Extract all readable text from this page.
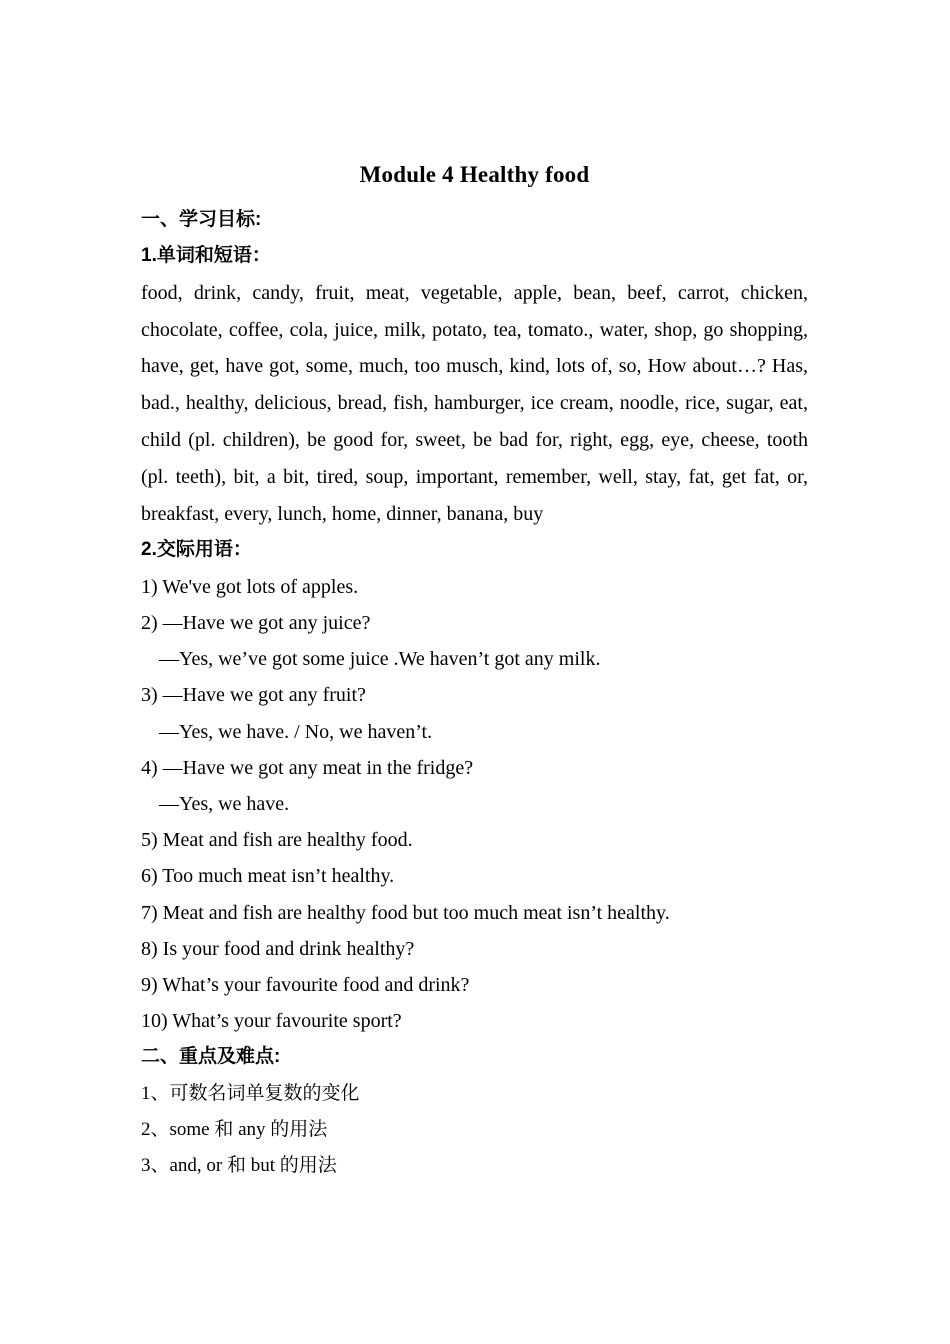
Module 4 Healthy food
一、学习目标:
1.单词和短语：
food, drink, candy, fruit, meat, vegetable, apple, bean, beef, carrot, chicken, chocolate, coffee, cola, juice, milk, potato, tea, tomato., water, shop, go shopping, have, get, have got, some, much, too musch, kind, lots of, so, How about…? Has, bad., healthy, delicious, bread, fish, hamburger, ice cream, noodle, rice, sugar, eat, child (pl. children), be good for, sweet, be bad for, right, egg, eye, cheese, tooth (pl. teeth), bit, a bit, tired, soup, important, remember, well, stay, fat, get fat, or, breakfast, every, lunch, home, dinner, banana, buy
2.交际用语：
1) We've got lots of apples.
2) —Have we got any juice?
—Yes, we’ve got some juice .We haven’t got any milk.
3) —Have we got any fruit?
—Yes, we have. / No, we haven’t.
4) —Have we got any meat in the fridge?
—Yes, we have.
5) Meat and fish are healthy food.
6) Too much meat isn’t healthy.
7) Meat and fish are healthy food but too much meat isn’t healthy.
8) Is your food and drink healthy?
9) What’s your favourite food and drink?
10) What’s your favourite sport?
二、重点及难点:
1、可数名词单复数的变化
2、some 和 any 的用法
3、and, or 和 but 的用法
